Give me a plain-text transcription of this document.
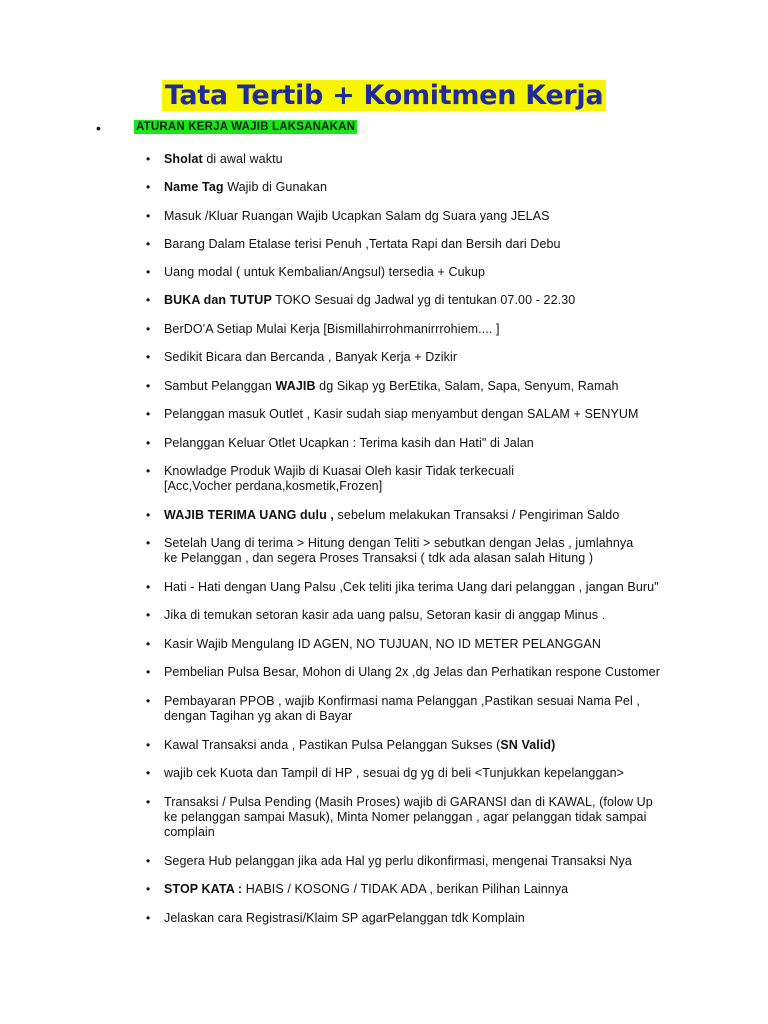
Tata Tertib + Komitmen Kerja
•	ATURAN KERJA WAJIB LAKSANAKAN
• Sholat di awal waktu
• Name Tag Wajib di Gunakan
• Masuk /Kluar Ruangan Wajib Ucapkan Salam dg Suara yang JELAS
• Barang Dalam Etalase terisi Penuh ,Tertata Rapi dan Bersih dari Debu
• Uang modal ( untuk Kembalian/Angsul) tersedia + Cukup
• BUKA dan TUTUP TOKO Sesuai dg Jadwal yg di tentukan 07.00 - 22.30
• BerDO'A Setiap Mulai Kerja [Bismillahirrohmanirrrohiem.... ]
• Sedikit Bicara dan Bercanda , Banyak Kerja + Dzikir
• Sambut Pelanggan WAJIB dg Sikap yg BerEtika, Salam, Sapa, Senyum, Ramah
• Pelanggan masuk Outlet , Kasir sudah siap menyambut dengan SALAM + SENYUM
• Pelanggan Keluar Otlet Ucapkan : Terima kasih dan Hati" di Jalan
• Knowladge Produk Wajib di Kuasai Oleh kasir Tidak terkecuali [Acc,Vocher perdana,kosmetik,Frozen]
• WAJIB TERIMA UANG dulu , sebelum melakukan Transaksi / Pengiriman Saldo
• Setelah Uang di terima > Hitung dengan Teliti > sebutkan dengan Jelas , jumlahnya ke Pelanggan , dan segera Proses Transaksi ( tdk ada alasan salah Hitung )
• Hati - Hati dengan Uang Palsu ,Cek teliti jika terima Uang dari pelanggan , jangan Buru"
• Jika di temukan setoran kasir ada uang palsu, Setoran kasir di anggap Minus .
• Kasir Wajib Mengulang ID AGEN, NO TUJUAN, NO ID METER PELANGGAN
• Pembelian Pulsa Besar, Mohon di Ulang 2x ,dg Jelas dan Perhatikan respone Customer
• Pembayaran PPOB , wajib Konfirmasi nama Pelanggan ,Pastikan sesuai Nama Pel , dengan Tagihan yg akan di Bayar
• Kawal Transaksi anda , Pastikan Pulsa Pelanggan Sukses (SN Valid)
• wajib cek Kuota dan Tampil di HP , sesuai dg yg di beli <Tunjukkan kepelanggan>
• Transaksi / Pulsa Pending (Masih Proses) wajib di GARANSI dan di KAWAL, (folow Up ke pelanggan sampai Masuk), Minta Nomer pelanggan , agar pelanggan tidak sampai complain
• Segera Hub pelanggan jika ada Hal yg perlu dikonfirmasi, mengenai Transaksi Nya
• STOP KATA : HABIS / KOSONG / TIDAK ADA , berikan Pilihan Lainnya
• Jelaskan cara Registrasi/Klaim SP agarPelanggan tdk Komplain
